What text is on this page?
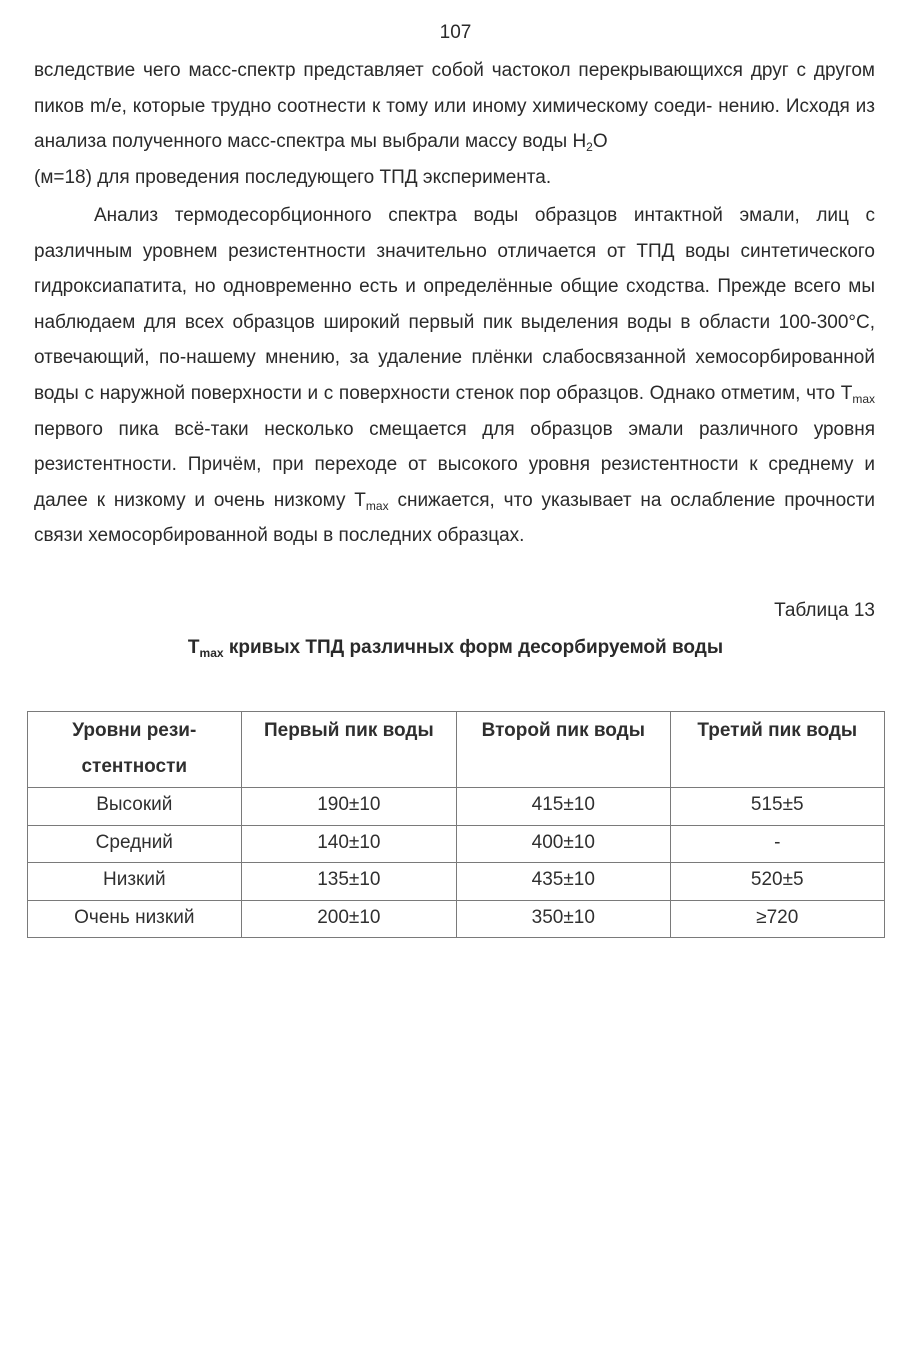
107
вследствие чего масс-спектр представляет собой частокол перекрывающихся друг с другом пиков m/e, которые трудно соотнести к тому или иному химическому соеди- нению. Исходя из анализа полученного масс-спектра мы выбрали массу воды $H_2O$
(м=18) для проведения последующего ТПД эксперимента.
Анализ термодесорбционного спектра воды образцов интактной эмали, лиц с различным уровнем резистентности значительно отличается от ТПД воды синтетического гидроксиапатита, но одновременно есть и определённые общие сходства. Прежде всего мы наблюдаем для всех образцов широкий первый пик выделения воды в области 100-300°С, отвечающий, по-нашему мнению, за удаление плёнки слабосвязанной хемосорбированной воды с наружной поверхности и с поверхности стенок пор образцов. Однако отметим, что $T_{max}$ первого пика всё-таки несколько смещается для образцов эмали различного уровня резистентности. Причём, при переходе от высокого уровня резистентности к среднему и далее к низкому и очень низкому $T_{max}$ снижается, что указывает на ослабление прочности связи хемосорбированной воды в последних образцах.
Таблица 13
$T_{max}$ кривых ТПД различных форм десорбируемой воды
Уровни рези-
стентности	Первый пик воды	Второй пик воды	Третий пик воды
Высокий	190±10	415±10	515±5
Средний	140±10	400±10	-
Низкий	135±10	435±10	520±5
Очень низкий	200±10	350±10	≥720
